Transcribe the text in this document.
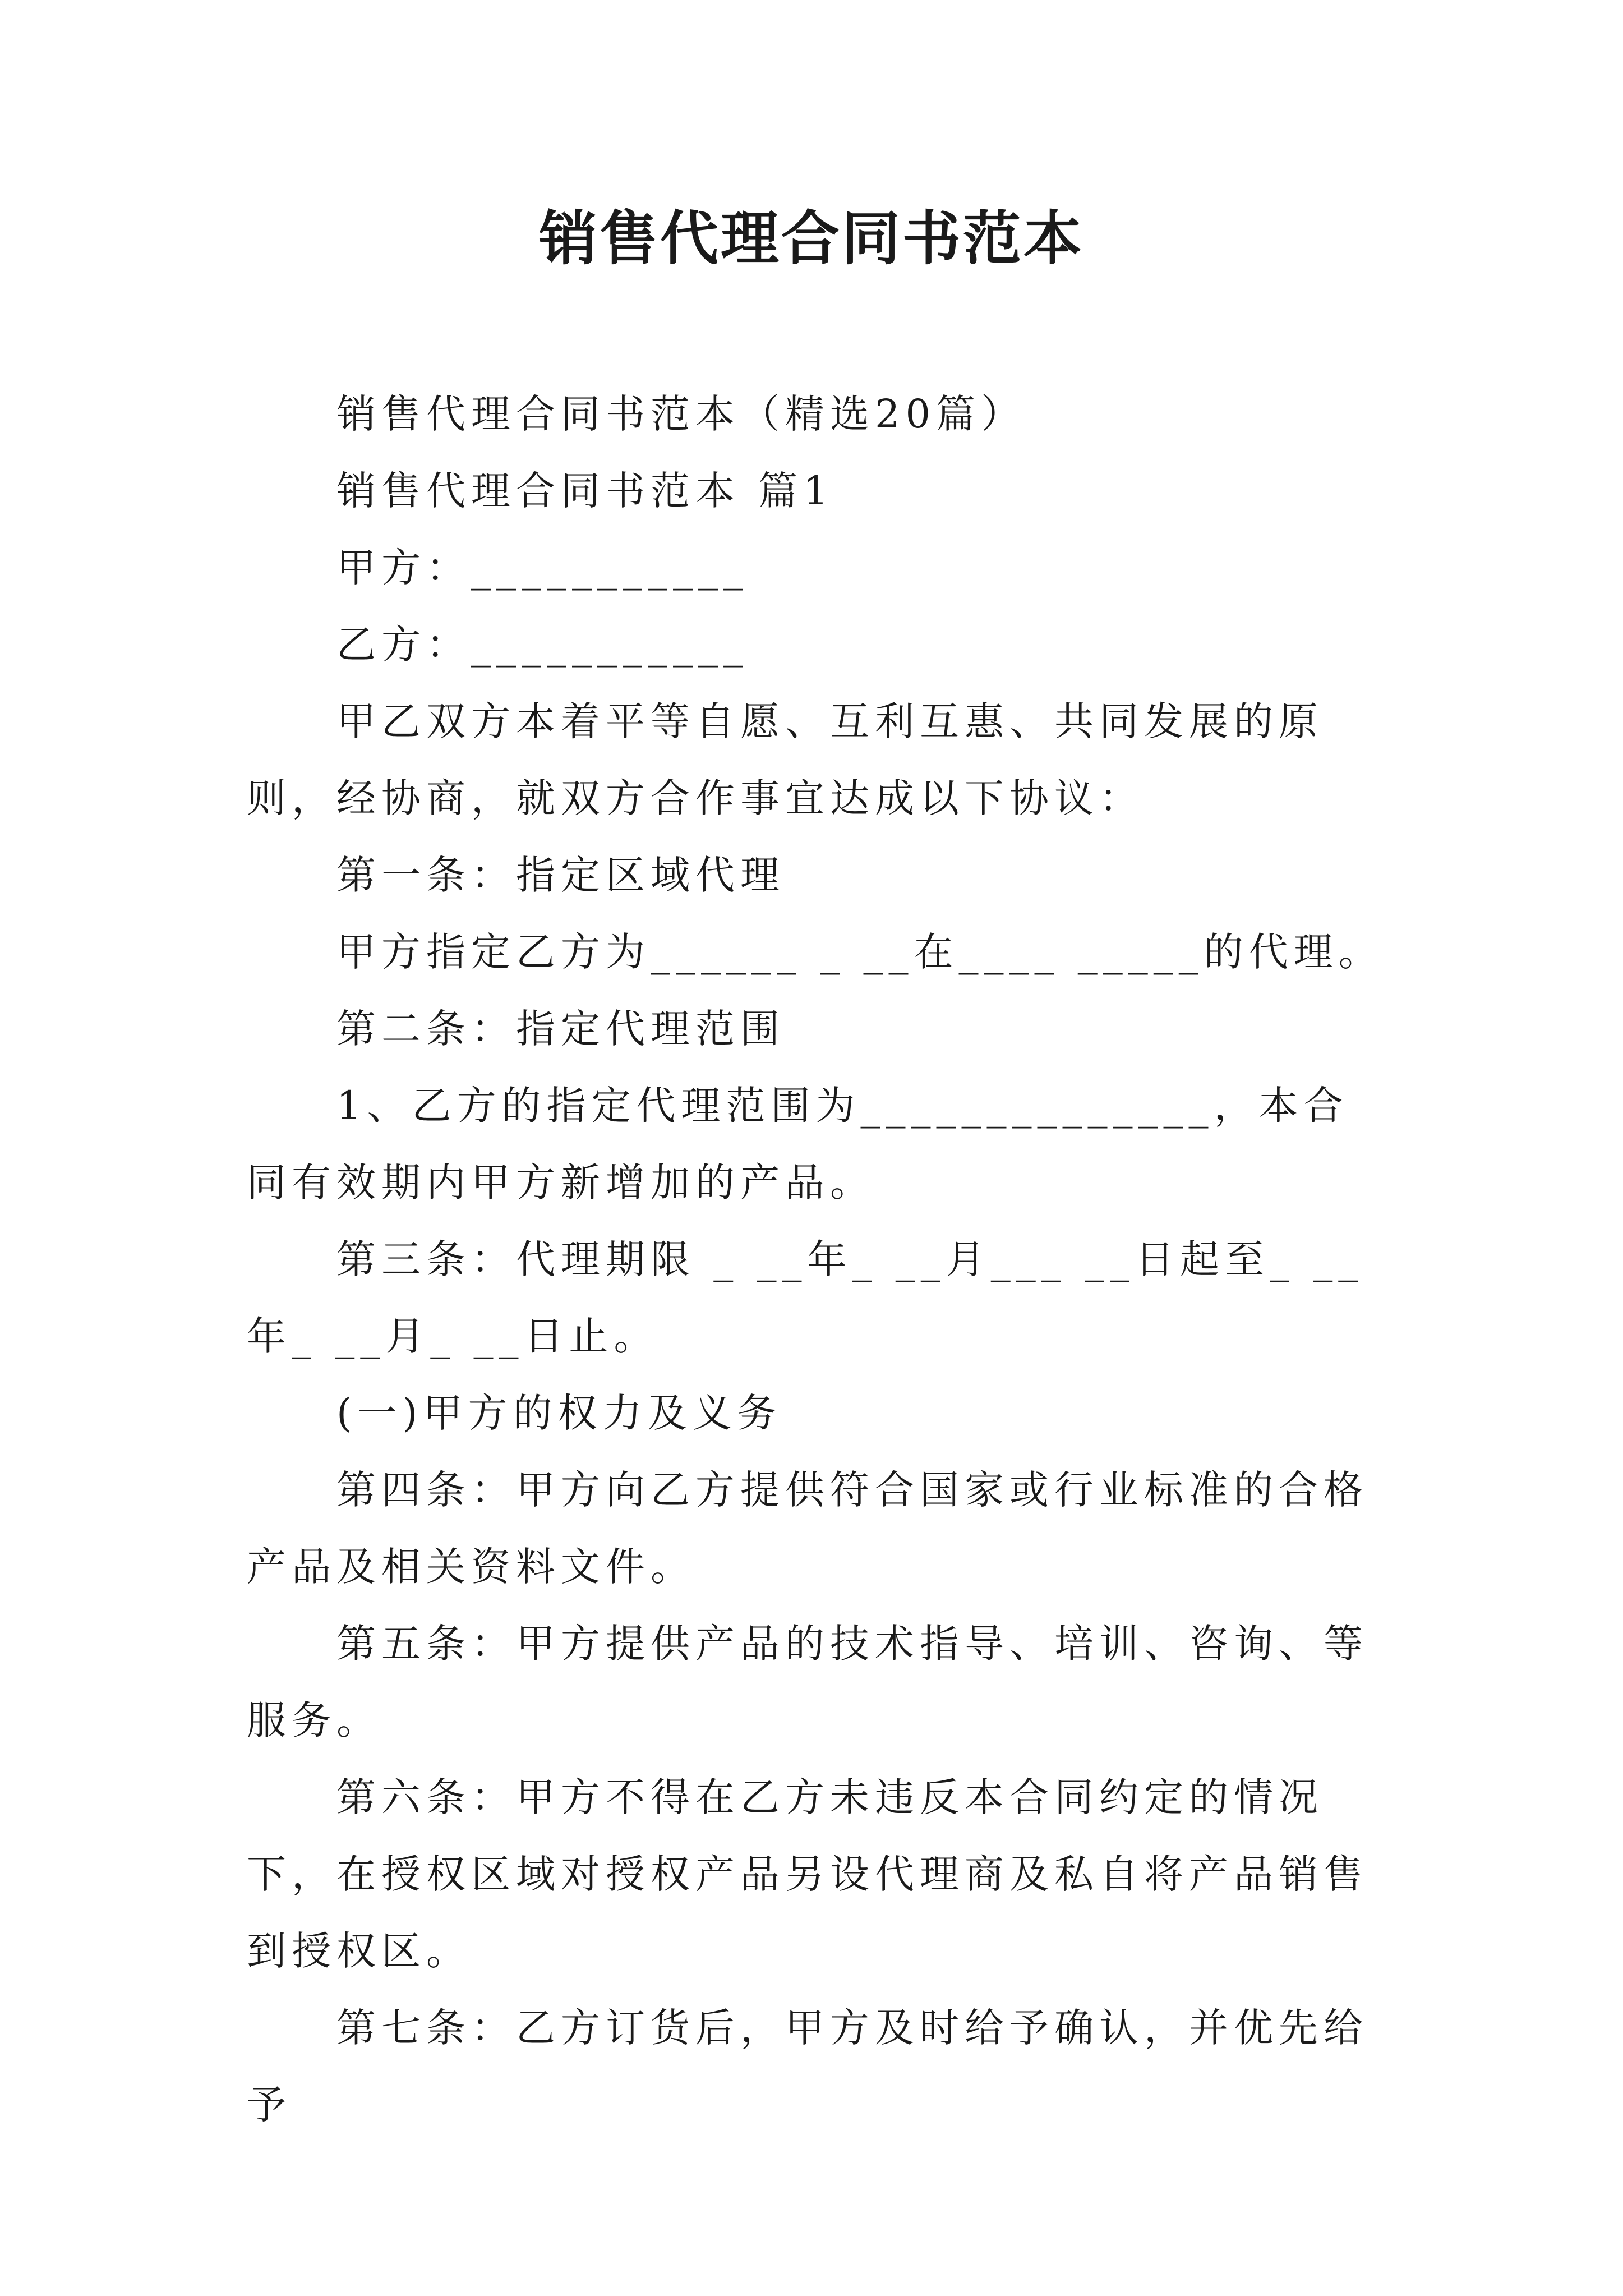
销售代理合同书范本

销售代理合同书范本（精选20篇）

销售代理合同书范本 篇1

甲方：___________

乙方：___________

甲乙双方本着平等自愿、互利互惠、共同发展的原则，经协商，就双方合作事宜达成以下协议：

第一条：指定区域代理

甲方指定乙方为______ _ __在____ _____的代理。

第二条：指定代理范围

1、乙方的指定代理范围为______________，本合同有效期内甲方新增加的产品。

第三条：代理期限 _ __年_ __月___ __日起至_ __年_ __月_ __日止。

(一)甲方的权力及义务

第四条：甲方向乙方提供符合国家或行业标准的合格产品及相关资料文件。

第五条：甲方提供产品的技术指导、培训、咨询、等服务。

第六条：甲方不得在乙方未违反本合同约定的情况下，在授权区域对授权产品另设代理商及私自将产品销售到授权区。

第七条：乙方订货后，甲方及时给予确认，并优先给予
